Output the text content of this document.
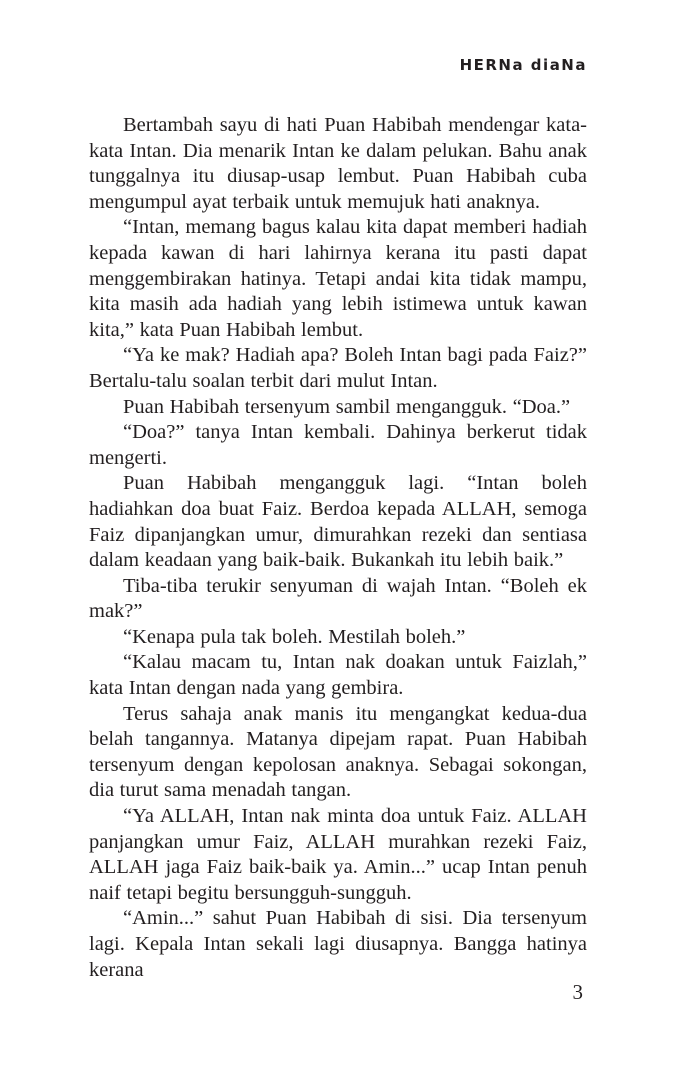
HERNa diaNa

Bertambah sayu di hati Puan Habibah mendengar kata-kata Intan. Dia menarik Intan ke dalam pelukan. Bahu anak tunggalnya itu diusap-usap lembut. Puan Habibah cuba mengumpul ayat terbaik untuk memujuk hati anaknya.

“Intan, memang bagus kalau kita dapat memberi hadiah kepada kawan di hari lahirnya kerana itu pasti dapat menggembirakan hatinya. Tetapi andai kita tidak mampu, kita masih ada hadiah yang lebih istimewa untuk kawan kita,” kata Puan Habibah lembut.

“Ya ke mak? Hadiah apa? Boleh Intan bagi pada Faiz?” Bertalu-talu soalan terbit dari mulut Intan.

Puan Habibah tersenyum sambil mengangguk. “Doa.”

“Doa?” tanya Intan kembali. Dahinya berkerut tidak mengerti.

Puan Habibah mengangguk lagi. “Intan boleh hadiahkan doa buat Faiz. Berdoa kepada ALLAH, semoga Faiz dipanjangkan umur, dimurahkan rezeki dan sentiasa dalam keadaan yang baik-baik. Bukankah itu lebih baik.”

Tiba-tiba terukir senyuman di wajah Intan. “Boleh ek mak?”

“Kenapa pula tak boleh. Mestilah boleh.”

“Kalau macam tu, Intan nak doakan untuk Faizlah,” kata Intan dengan nada yang gembira.

Terus sahaja anak manis itu mengangkat kedua-dua belah tangannya. Matanya dipejam rapat. Puan Habibah tersenyum dengan kepolosan anaknya. Sebagai sokongan, dia turut sama menadah tangan.

“Ya ALLAH, Intan nak minta doa untuk Faiz. ALLAH panjangkan umur Faiz, ALLAH murahkan rezeki Faiz, ALLAH jaga Faiz baik-baik ya. Amin...” ucap Intan penuh naif tetapi begitu bersungguh-sungguh.

“Amin...” sahut Puan Habibah di sisi. Dia tersenyum lagi. Kepala Intan sekali lagi diusapnya. Bangga hatinya kerana

3
